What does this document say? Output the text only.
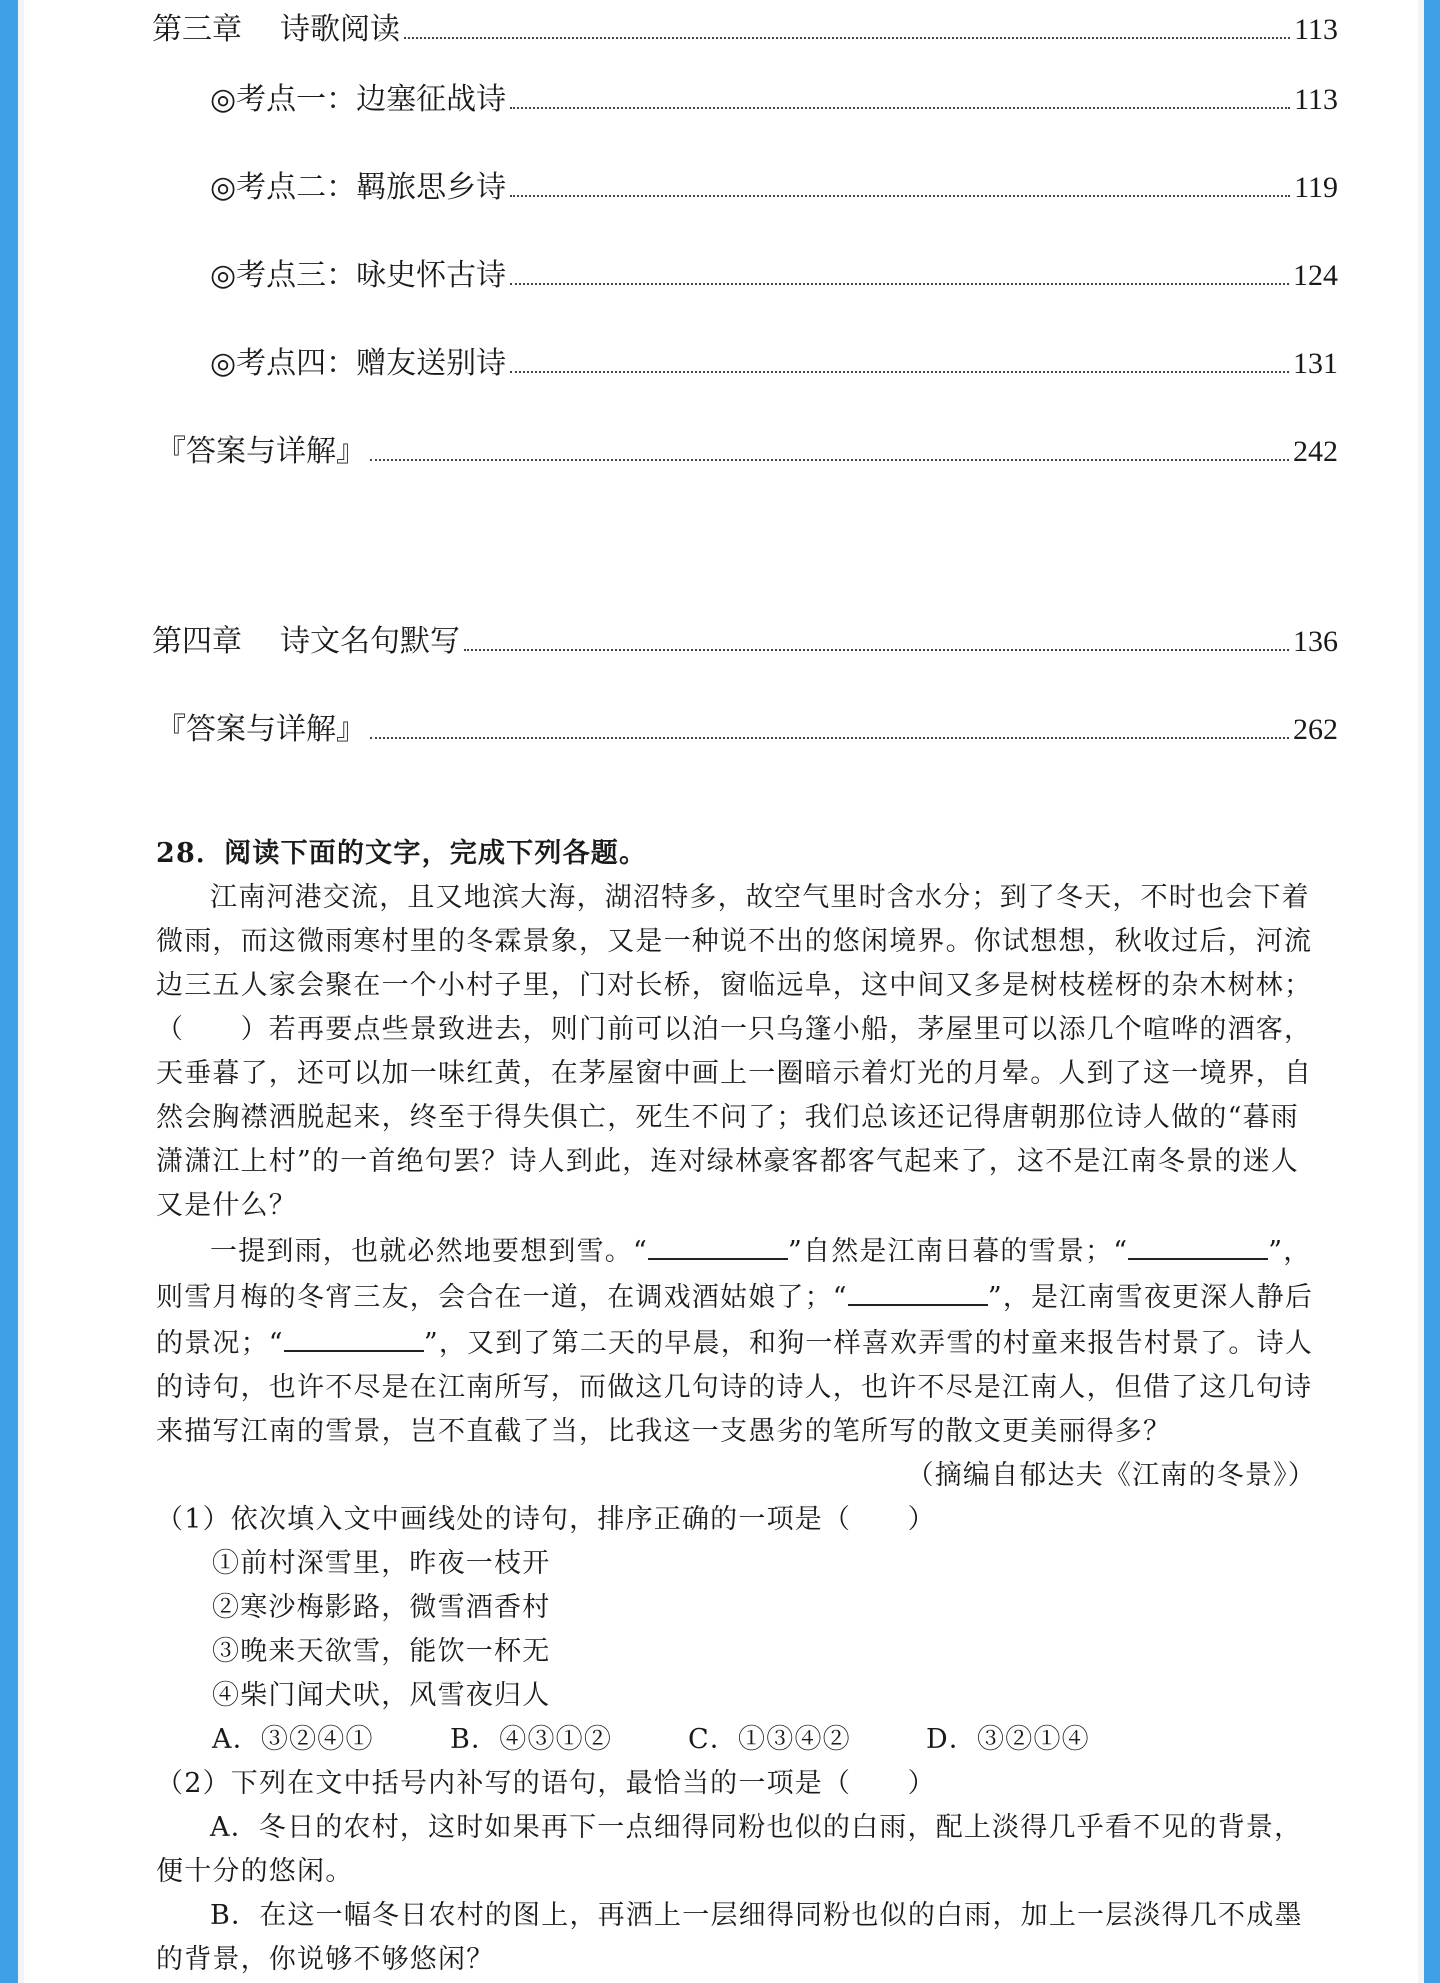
第三章 诗歌阅读	113
◎考点一：边塞征战诗	113
◎考点二：羁旅思乡诗	119
◎考点三：咏史怀古诗	124
◎考点四：赠友送别诗	131
『答案与详解』	242
第四章 诗文名句默写	136
『答案与详解』	262
28．阅读下面的文字，完成下列各题。

江南河港交流，且又地滨大海，湖沼特多，故空气里时含水分；到了冬天，不时也会下着微雨，而这微雨寒村里的冬霖景象，又是一种说不出的悠闲境界。你试想想，秋收过后，河流边三五人家会聚在一个小村子里，门对长桥，窗临远阜，这中间又多是树枝槎枒的杂木树林；（　　）若再要点些景致进去，则门前可以泊一只乌篷小船，茅屋里可以添几个喧哗的酒客，天垂暮了，还可以加一味红黄，在茅屋窗中画上一圈暗示着灯光的月晕。人到了这一境界，自然会胸襟洒脱起来，终至于得失俱亡，死生不问了；我们总该还记得唐朝那位诗人做的“暮雨潇潇江上村”的一首绝句罢？诗人到此，连对绿林豪客都客气起来了，这不是江南冬景的迷人又是什么？

一提到雨，也就必然地要想到雪。“	”自然是江南日暮的雪景；“	”，则雪月梅的冬宵三友，会合在一道，在调戏酒姑娘了；“	”，是江南雪夜更深人静后的景况；“	”，又到了第二天的早晨，和狗一样喜欢弄雪的村童来报告村景了。诗人的诗句，也许不尽是在江南所写，而做这几句诗的诗人，也许不尽是江南人，但借了这几句诗来描写江南的雪景，岂不直截了当，比我这一支愚劣的笔所写的散文更美丽得多？

（摘编自郁达夫《江南的冬景》）
（1）依次填入文中画线处的诗句，排序正确的一项是（　　）
①前村深雪里，昨夜一枝开
②寒沙梅影路，微雪酒香村
③晚来天欲雪，能饮一杯无
④柴门闻犬吠，风雪夜归人
A．③②④①	B．④③①②	C．①③④②	D．③②①④
（2）下列在文中括号内补写的语句，最恰当的一项是（　　）

A．冬日的农村，这时如果再下一点细得同粉也似的白雨，配上淡得几乎看不见的背景，便十分的悠闲。

B．在这一幅冬日农村的图上，再洒上一层细得同粉也似的白雨，加上一层淡得几不成墨的背景，你说够不够悠闲？
